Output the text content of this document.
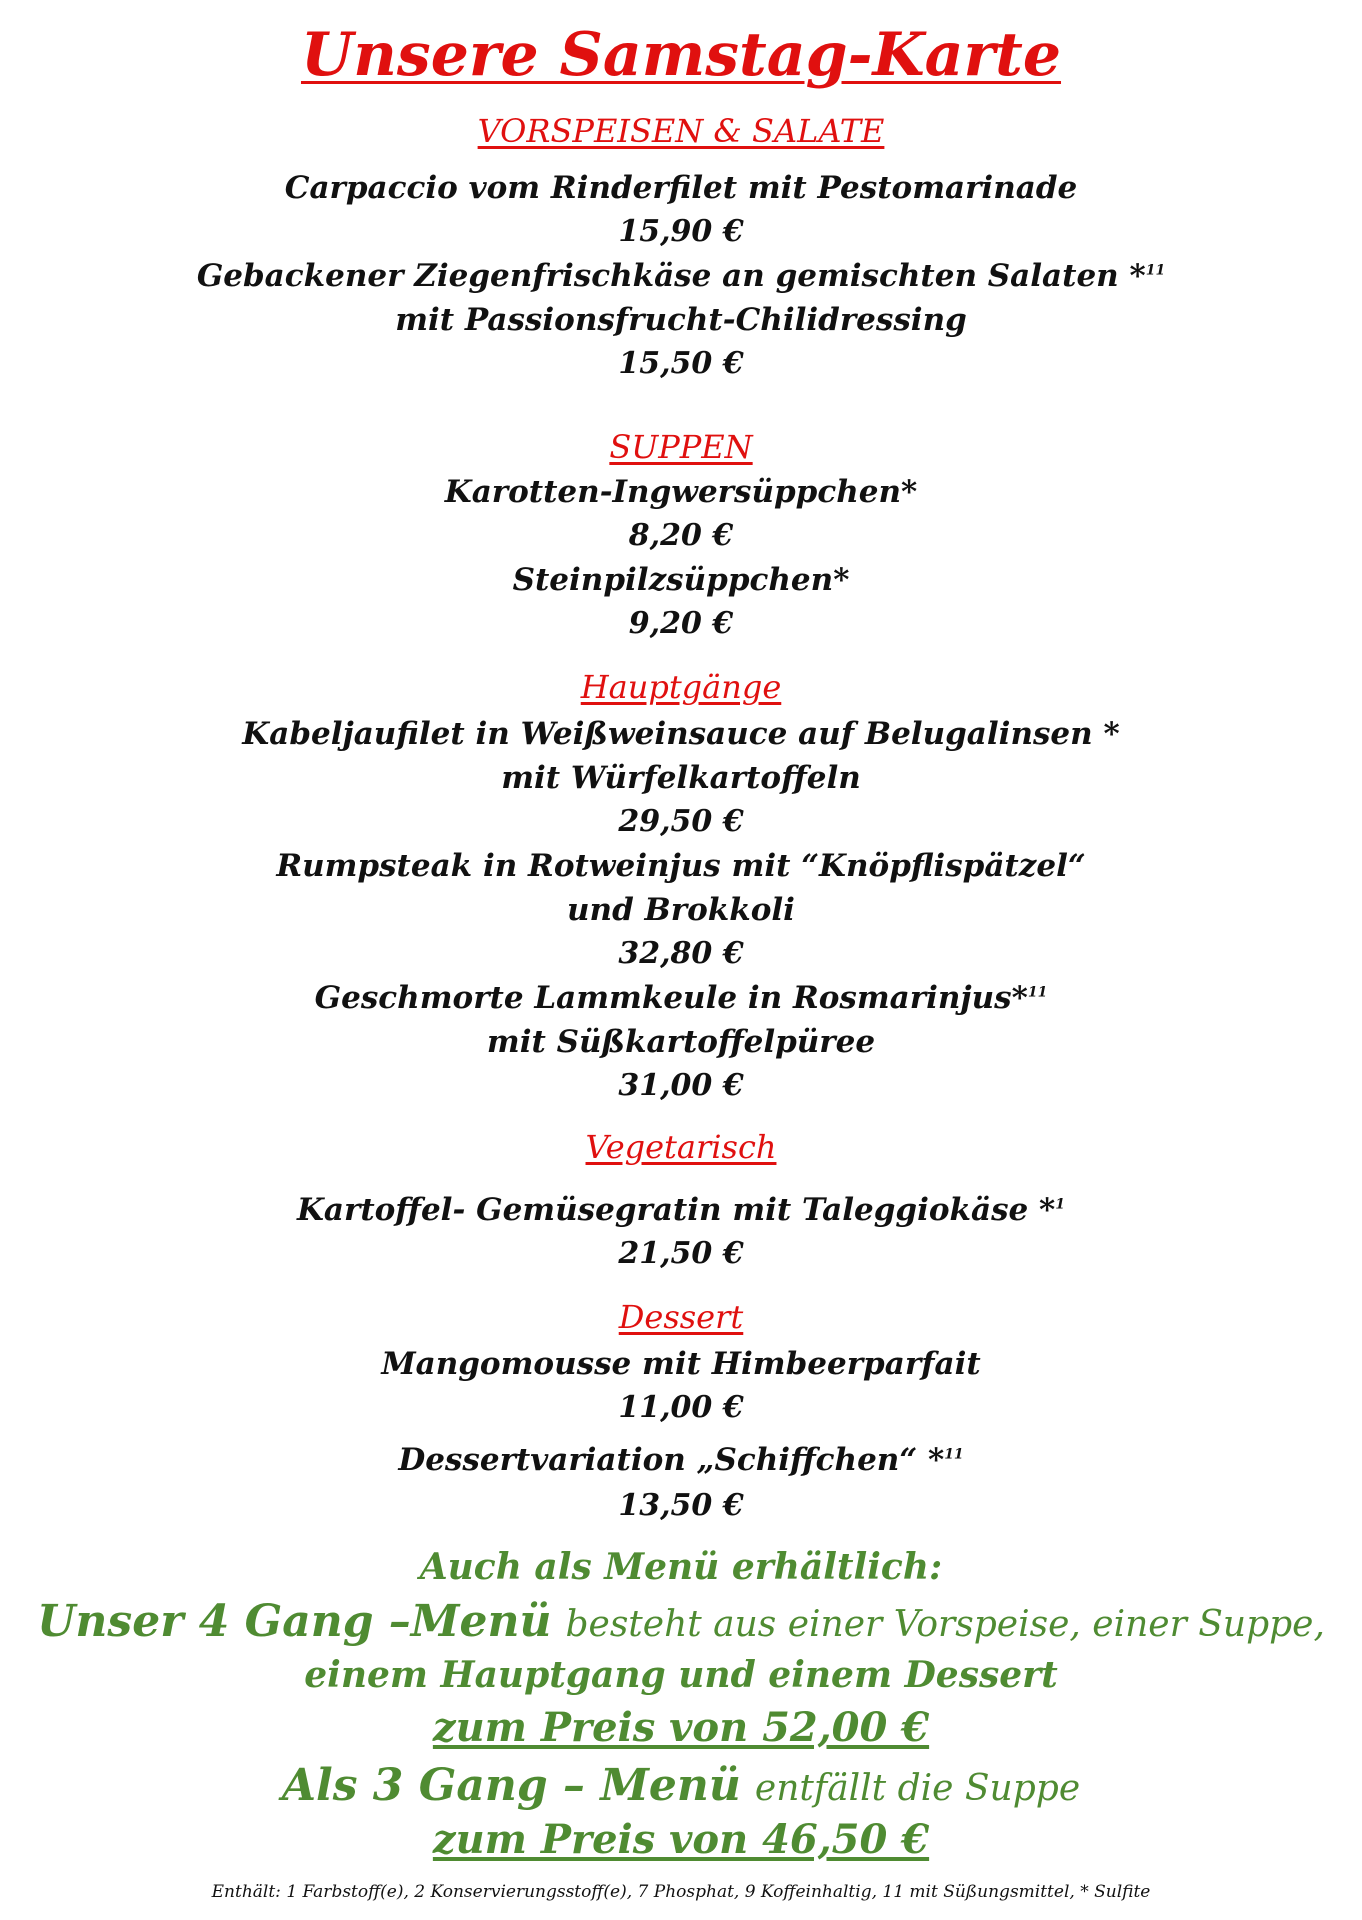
Unsere Samstag-Karte
VORSPEISEN & SALATE
Carpaccio vom Rinderfilet mit Pestomarinade
15,90 €
Gebackener Ziegenfrischkäse an gemischten Salaten *$^{11}$
mit Passionsfrucht-Chilidressing
15,50 €
SUPPEN
Karotten-Ingwersüppchen*
8,20 €
Steinpilzsüppchen*
9,20 €
Hauptgänge
Kabeljaufilet in Weißweinsauce auf Belugalinsen *
mit Würfelkartoffeln
29,50 €
Rumpsteak in Rotweinjus mit “Knöpflispätzel“
und Brokkoli
32,80 €
Geschmorte Lammkeule in Rosmarinjus*$^{11}$
mit Süßkartoffelpüree
31,00 €
Vegetarisch
Kartoffel- Gemüsegratin mit Taleggiokäse *$^1$
21,50 €
Dessert
Mangomousse mit Himbeerparfait
11,00 €
Dessertvariation „Schiffchen“ *$^{11}$
13,50 €
Auch als Menü erhältlich:
Unser 4 Gang –Menü besteht aus einer Vorspeise, einer Suppe,
einem Hauptgang und einem Dessert
zum Preis von 52,00 €
Als 3 Gang – Menü entfällt die Suppe
zum Preis von 46,50 €
Enthält: 1 Farbstoff(e), 2 Konservierungsstoff(e), 7 Phosphat, 9 Koffeinhaltig, 11 mit Süßungsmittel, * Sulfite
